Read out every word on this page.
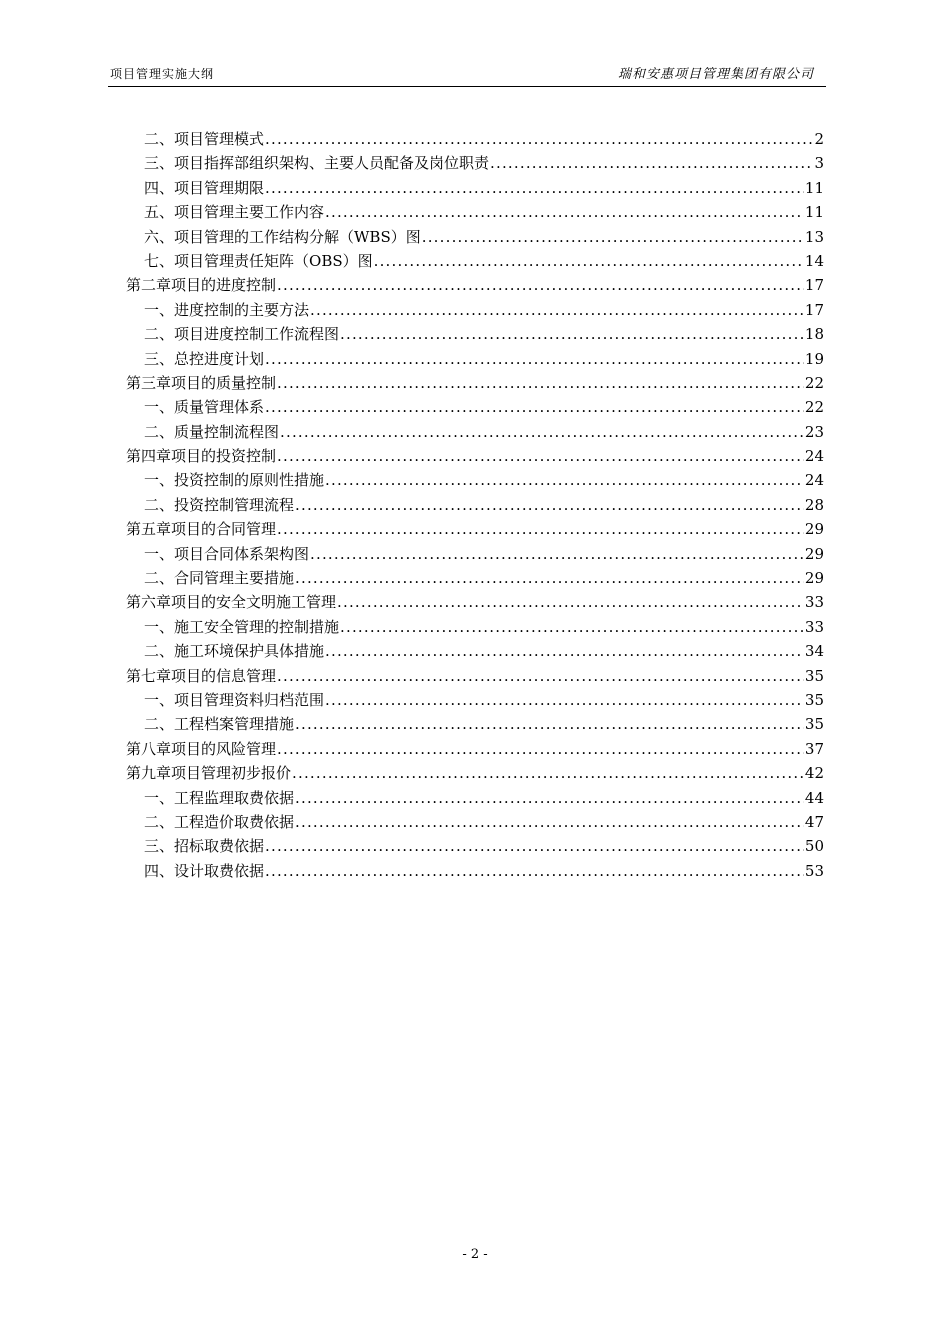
项目管理实施大纲	瑞和安惠项目管理集团有限公司
二、 项目管理模式 .....	2
三、 项目指挥部组织架构、主要人员配备及岗位职责 .....	3
四、 项目管理期限 .....	11
五、 项目管理主要工作内容 .....	11
六、 项目管理的工作结构分解（WBS）图 .....	13
七、 项目管理责任矩阵（OBS）图 .....	14
第二章 项目的进度控制 .....	17
一、 进度控制的主要方法 .....	17
二、 项目进度控制工作流程图 .....	18
三、 总控进度计划 .....	19
第三章 项目的质量控制 .....	22
一、 质量管理体系 .....	22
二、 质量控制流程图 .....	23
第四章 项目的投资控制 .....	24
一、 投资控制的原则性措施 .....	24
二、 投资控制管理流程 .....	28
第五章 项目的合同管理 .....	29
一、 项目合同体系架构图 .....	29
二、 合同管理主要措施 .....	29
第六章 项目的安全文明施工管理 .....	33
一、 施工安全管理的控制措施 .....	33
二、 施工环境保护具体措施 .....	34
第七章 项目的信息管理 .....	35
一、 项目管理资料归档范围 .....	35
二、 工程档案管理措施 .....	35
第八章 项目的风险管理 .....	37
第九章 项目管理初步报价 .....	42
一、 工程监理取费依据 .....	44
二、 工程造价取费依据 .....	47
三、 招标取费依据 .....	50
四、 设计取费依据 .....	53
- 2 -
